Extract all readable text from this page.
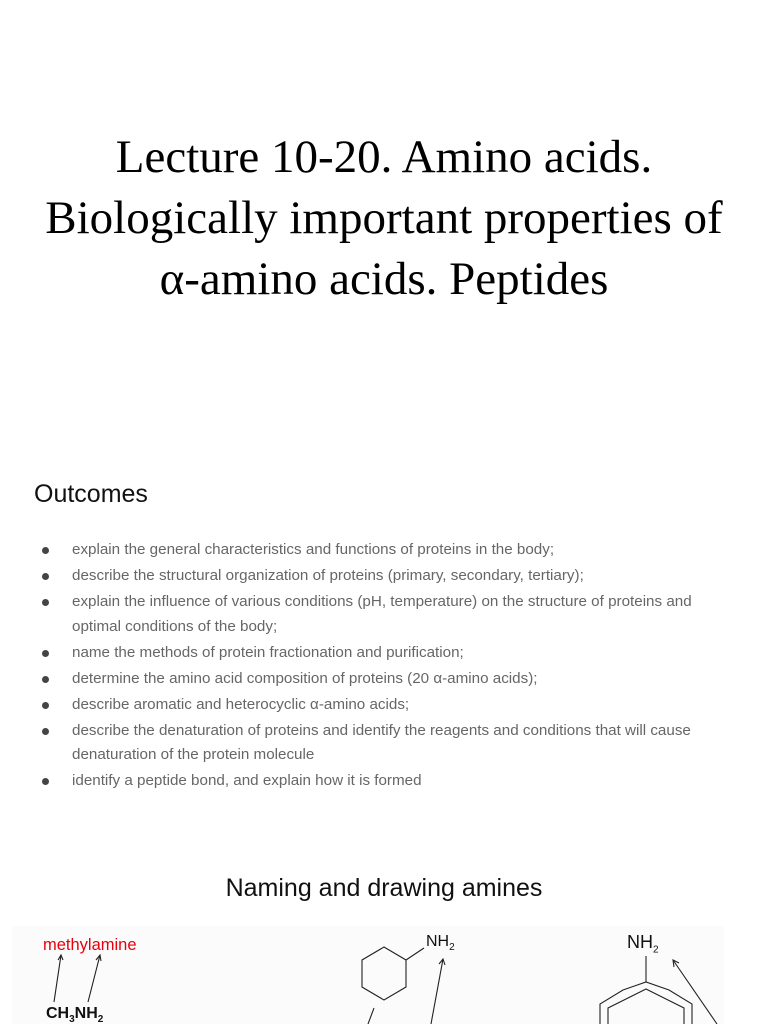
Lecture 10-20. Amino acids. Biologically important properties of α-amino acids. Peptides
Outcomes
explain the general characteristics and functions of proteins in the body;
describe the structural organization of proteins (primary, secondary, tertiary);
explain the influence of various conditions (pH, temperature) on the structure of proteins and optimal conditions of the body;
name the methods of protein fractionation and purification;
determine the amino acid composition of proteins (20 α-amino acids);
describe aromatic and heterocyclic α-amino acids;
describe the denaturation of proteins and identify the reagents and conditions that will cause denaturation of the protein molecule
identify a peptide bond, and explain how it is formed
Naming and drawing amines
methylamine
$CH_3NH_2$
$NH_2$	$NH_2$
